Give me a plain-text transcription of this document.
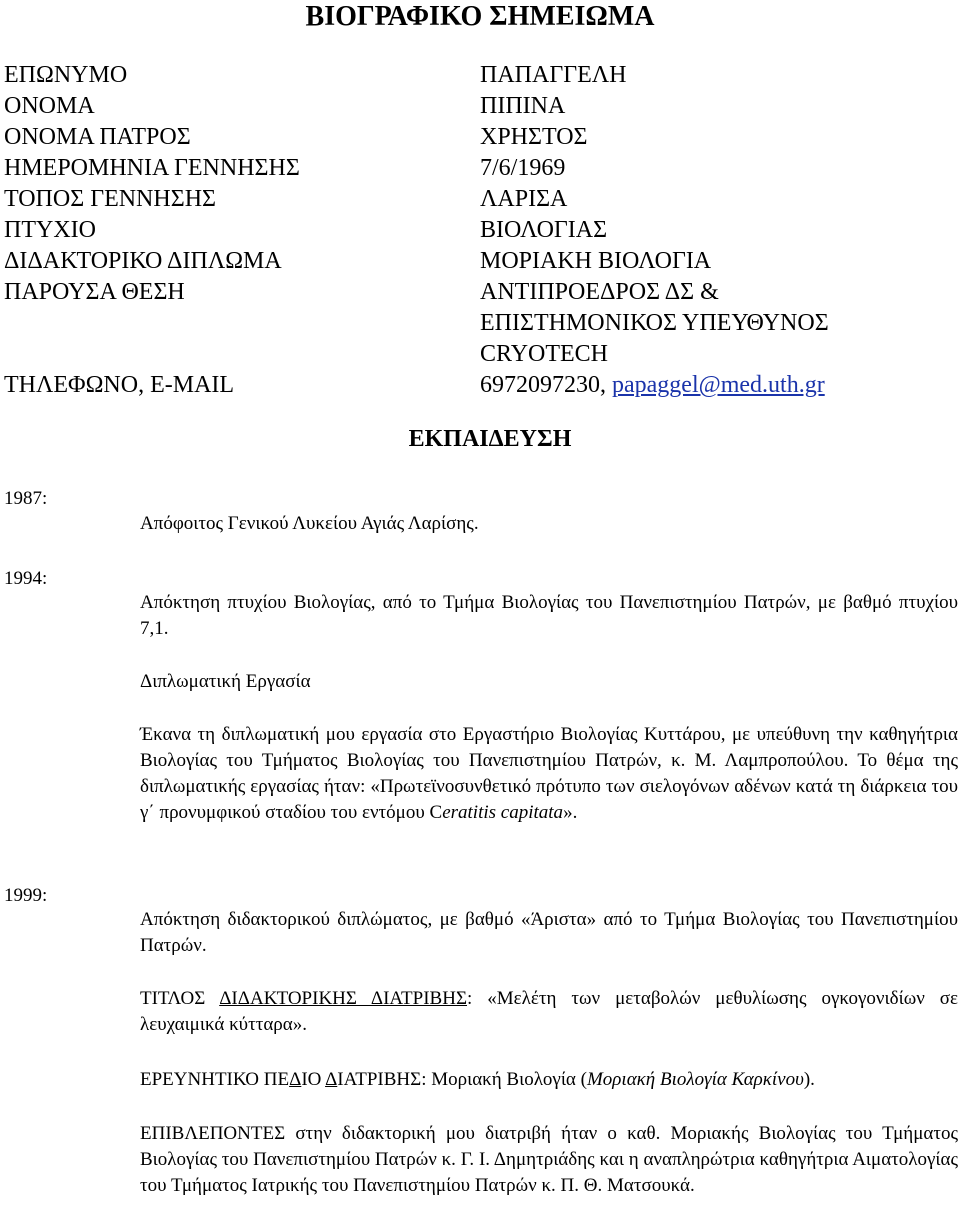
ΒΙΟΓΡΑΦΙΚΟ ΣΗΜΕΙΩΜΑ
ΕΠΩΝΥΜΟ	ΠΑΠΑΓΓΕΛΗ
ΟΝΟΜΑ	ΠΙΠΙΝΑ
ΟΝΟΜΑ ΠΑΤΡΟΣ	ΧΡΗΣΤΟΣ
ΗΜΕΡΟΜΗΝΙΑ ΓΕΝΝΗΣΗΣ	7/6/1969
ΤΟΠΟΣ ΓΕΝΝΗΣΗΣ	ΛΑΡΙΣΑ
ΠΤΥΧΙΟ	ΒΙΟΛΟΓΙΑΣ
ΔΙΔΑΚΤΟΡΙΚΟ ΔΙΠΛΩΜΑ	ΜΟΡΙΑΚΗ ΒΙΟΛΟΓΙΑ
ΠΑΡΟΥΣΑ ΘΕΣΗ	ΑΝΤΙΠΡΟΕΔΡΟΣ ΔΣ &
ΕΠΙΣΤΗΜΟΝΙΚΟΣ ΥΠΕΥΘΥΝΟΣ
CRYOTECH
ΤΗΛΕΦΩΝΟ, E-MAIL	6972097230, papaggel@med.uth.gr
ΕΚΠΑΙΔΕΥΣΗ
1987:
Απόφοιτος Γενικού Λυκείου Αγιάς Λαρίσης.
1994:
Απόκτηση πτυχίου Βιολογίας, από το Τμήμα Βιολογίας του Πανεπιστημίου Πατρών, με βαθμό πτυχίου 7,1.
Διπλωματική Εργασία
Έκανα τη διπλωματική μου εργασία στο Εργαστήριο Βιολογίας Κυττάρου, με υπεύθυνη την καθηγήτρια Βιολογίας του Τμήματος Βιολογίας του Πανεπιστημίου Πατρών, κ. Μ. Λαμπροπούλου. Το θέμα της διπλωματικής εργασίας ήταν: «Πρωτεϊνοσυνθετικό πρότυπο των σιελογόνων αδένων κατά τη διάρκεια του γ΄ προνυμφικού σταδίου του εντόμου Ceratitis capitata».
1999:
Απόκτηση διδακτορικού διπλώματος, με βαθμό «Άριστα» από το Τμήμα Βιολογίας του Πανεπιστημίου Πατρών.
ΤΙΤΛΟΣ ΔΙΔΑΚΤΟΡΙΚΗΣ ΔΙΑΤΡΙΒΗΣ: «Μελέτη των μεταβολών μεθυλίωσης ογκογονιδίων σε λευχαιμικά κύτταρα».
ΕΡΕΥΝΗΤΙΚΟ ΠΕΔΙΟ ΔΙΑΤΡΙΒΗΣ: Μοριακή Βιολογία (Μοριακή Βιολογία Καρκίνου).
ΕΠΙΒΛΕΠΟΝΤΕΣ στην διδακτορική μου διατριβή ήταν ο καθ. Μοριακής Βιολογίας του Τμήματος Βιολογίας του Πανεπιστημίου Πατρών κ. Γ. Ι. Δημητριάδης και η αναπληρώτρια καθηγήτρια Αιματολογίας του Τμήματος Ιατρικής του Πανεπιστημίου Πατρών κ. Π. Θ. Ματσουκά.
